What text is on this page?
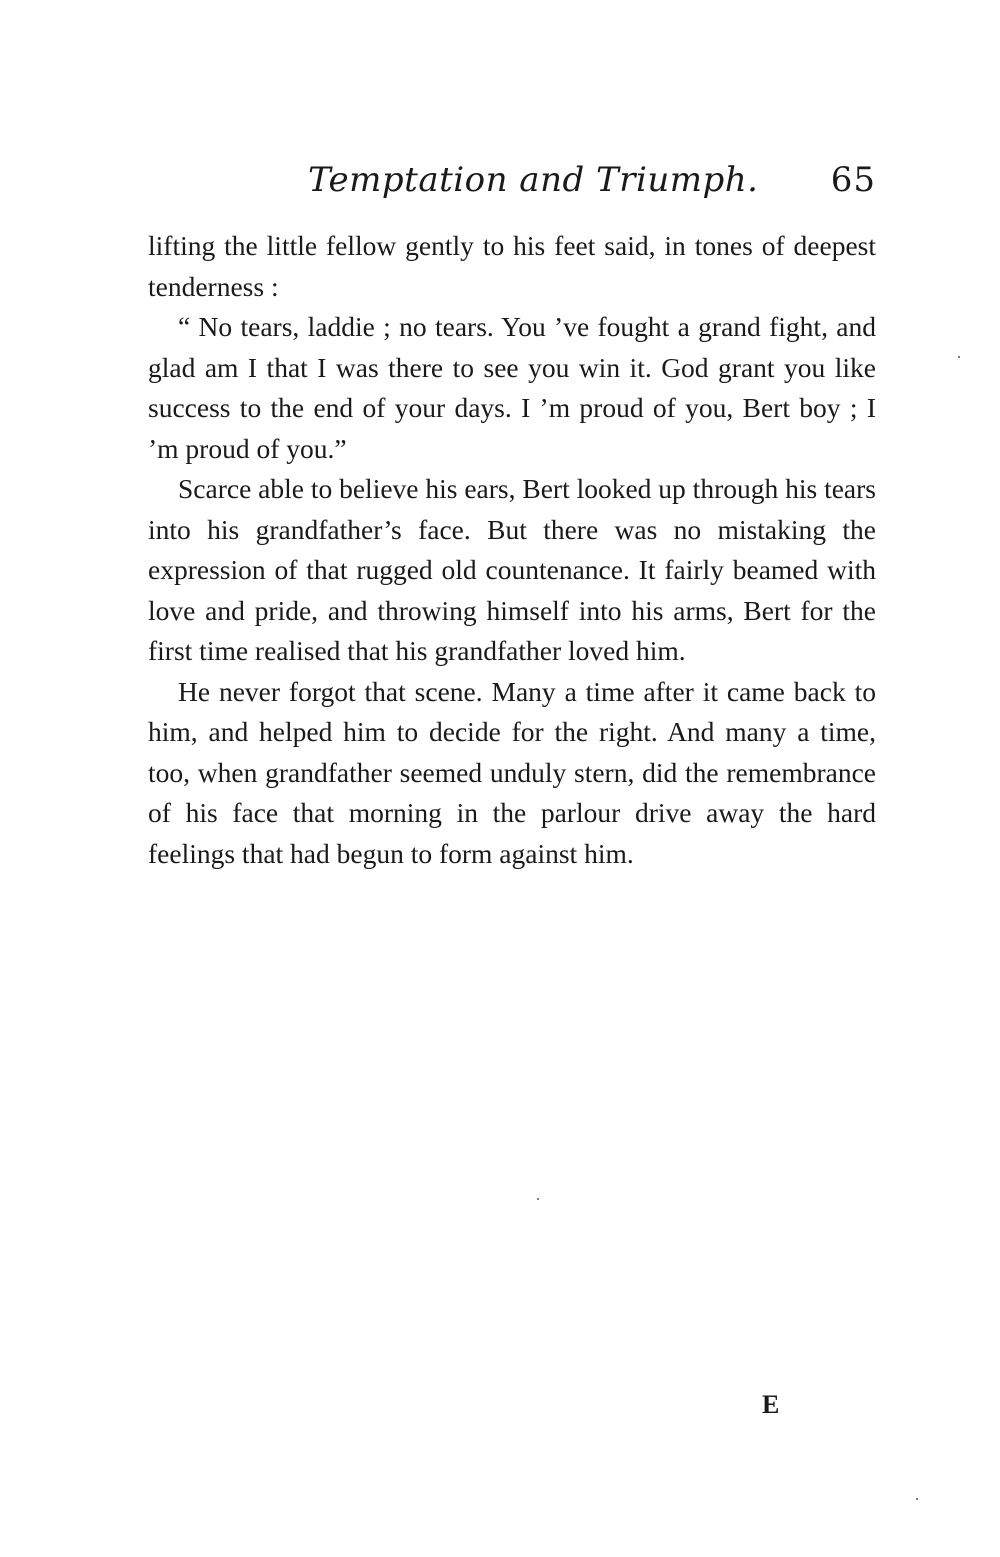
Temptation and Triumph. 65

lifting the little fellow gently to his feet said, in tones of deepest tenderness :

“ No tears, laddie ; no tears. You ’ve fought a grand fight, and glad am I that I was there to see you win it. God grant you like success to the end of your days. I ’m proud of you, Bert boy ; I ’m proud of you.”

Scarce able to believe his ears, Bert looked up through his tears into his grandfather’s face. But there was no mistaking the expression of that rugged old countenance. It fairly beamed with love and pride, and throwing himself into his arms, Bert for the first time realised that his grandfather loved him.

He never forgot that scene. Many a time after it came back to him, and helped him to decide for the right. And many a time, too, when grandfather seemed unduly stern, did the remembrance of his face that morning in the parlour drive away the hard feelings that had begun to form against him.

E
